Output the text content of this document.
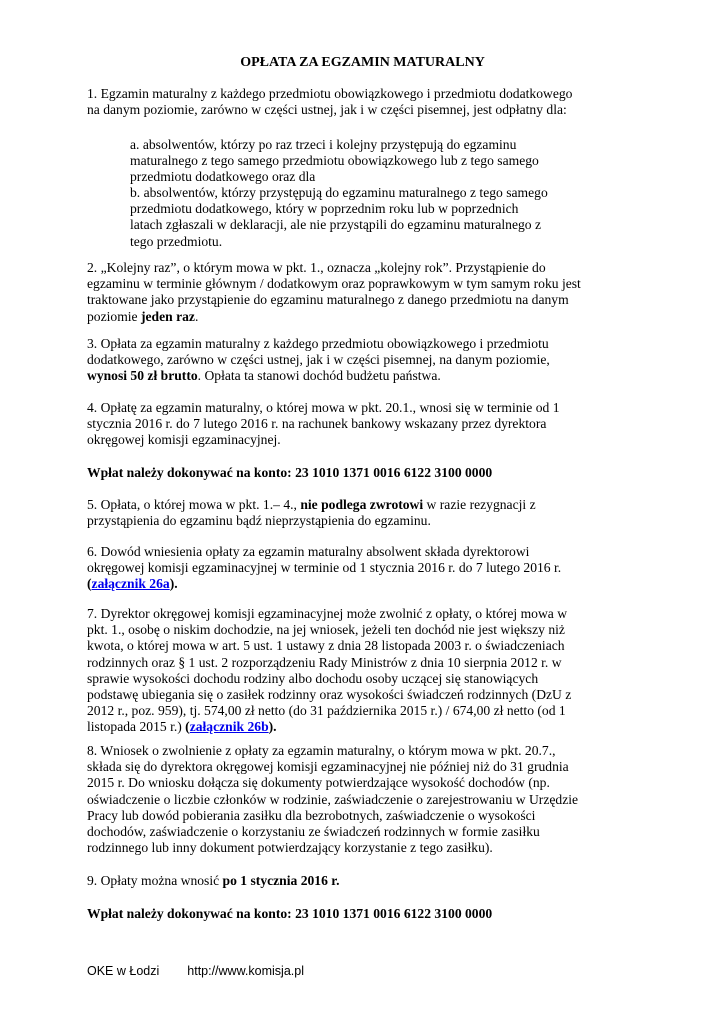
OPŁATA ZA EGZAMIN MATURALNY

1. Egzamin maturalny z każdego przedmiotu obowiązkowego i przedmiotu dodatkowego na danym poziomie, zarówno w części ustnej, jak i w części pisemnej, jest odpłatny dla:

a. absolwentów, którzy po raz trzeci i kolejny przystępują do egzaminu maturalnego z tego samego przedmiotu obowiązkowego lub z tego samego przedmiotu dodatkowego oraz dla

b. absolwentów, którzy przystępują do egzaminu maturalnego z tego samego przedmiotu dodatkowego, który w poprzednim roku lub w poprzednich latach zgłaszali w deklaracji, ale nie przystąpili do egzaminu maturalnego z tego przedmiotu.

2. „Kolejny raz”, o którym mowa w pkt. 1., oznacza „kolejny rok”. Przystąpienie do egzaminu w terminie głównym / dodatkowym oraz poprawkowym w tym samym roku jest traktowane jako przystąpienie do egzaminu maturalnego z danego przedmiotu na danym poziomie jeden raz.

3. Opłata za egzamin maturalny z każdego przedmiotu obowiązkowego i przedmiotu dodatkowego, zarówno w części ustnej, jak i w części pisemnej, na danym poziomie, wynosi 50 zł brutto. Opłata ta stanowi dochód budżetu państwa.

4. Opłatę za egzamin maturalny, o której mowa w pkt. 20.1., wnosi się w terminie od 1 stycznia 2016 r. do 7 lutego 2016 r. na rachunek bankowy wskazany przez dyrektora okręgowej komisji egzaminacyjnej.

Wpłat należy dokonywać na konto: 23 1010 1371 0016 6122 3100 0000

5. Opłata, o której mowa w pkt. 1.– 4., nie podlega zwrotowi w razie rezygnacji z przystąpienia do egzaminu bądź nieprzystąpienia do egzaminu.

6. Dowód wniesienia opłaty za egzamin maturalny absolwent składa dyrektorowi okręgowej komisji egzaminacyjnej w terminie od 1 stycznia 2016 r. do 7 lutego 2016 r. (załącznik 26a).

7. Dyrektor okręgowej komisji egzaminacyjnej może zwolnić z opłaty, o której mowa w pkt. 1., osobę o niskim dochodzie, na jej wniosek, jeżeli ten dochód nie jest większy niż kwota, o której mowa w art. 5 ust. 1 ustawy z dnia 28 listopada 2003 r. o świadczeniach rodzinnych oraz § 1 ust. 2 rozporządzeniu Rady Ministrów z dnia 10 sierpnia 2012 r. w sprawie wysokości dochodu rodziny albo dochodu osoby uczącej się stanowiących podstawę ubiegania się o zasiłek rodzinny oraz wysokości świadczeń rodzinnych (DzU z 2012 r., poz. 959), tj. 574,00 zł netto (do 31 października 2015 r.) / 674,00 zł netto (od 1 listopada 2015 r.) (załącznik 26b).

8. Wniosek o zwolnienie z opłaty za egzamin maturalny, o którym mowa w pkt. 20.7., składa się do dyrektora okręgowej komisji egzaminacyjnej nie później niż do 31 grudnia 2015 r. Do wniosku dołącza się dokumenty potwierdzające wysokość dochodów (np. oświadczenie o liczbie członków w rodzinie, zaświadczenie o zarejestrowaniu w Urzędzie Pracy lub dowód pobierania zasiłku dla bezrobotnych, zaświadczenie o wysokości dochodów, zaświadczenie o korzystaniu ze świadczeń rodzinnych w formie zasiłku rodzinnego lub inny dokument potwierdzający korzystanie z tego zasiłku).

9. Opłaty można wnosić po 1 stycznia 2016 r.

Wpłat należy dokonywać na konto: 23 1010 1371 0016 6122 3100 0000

OKE w Łodzi http://www.komisja.pl
